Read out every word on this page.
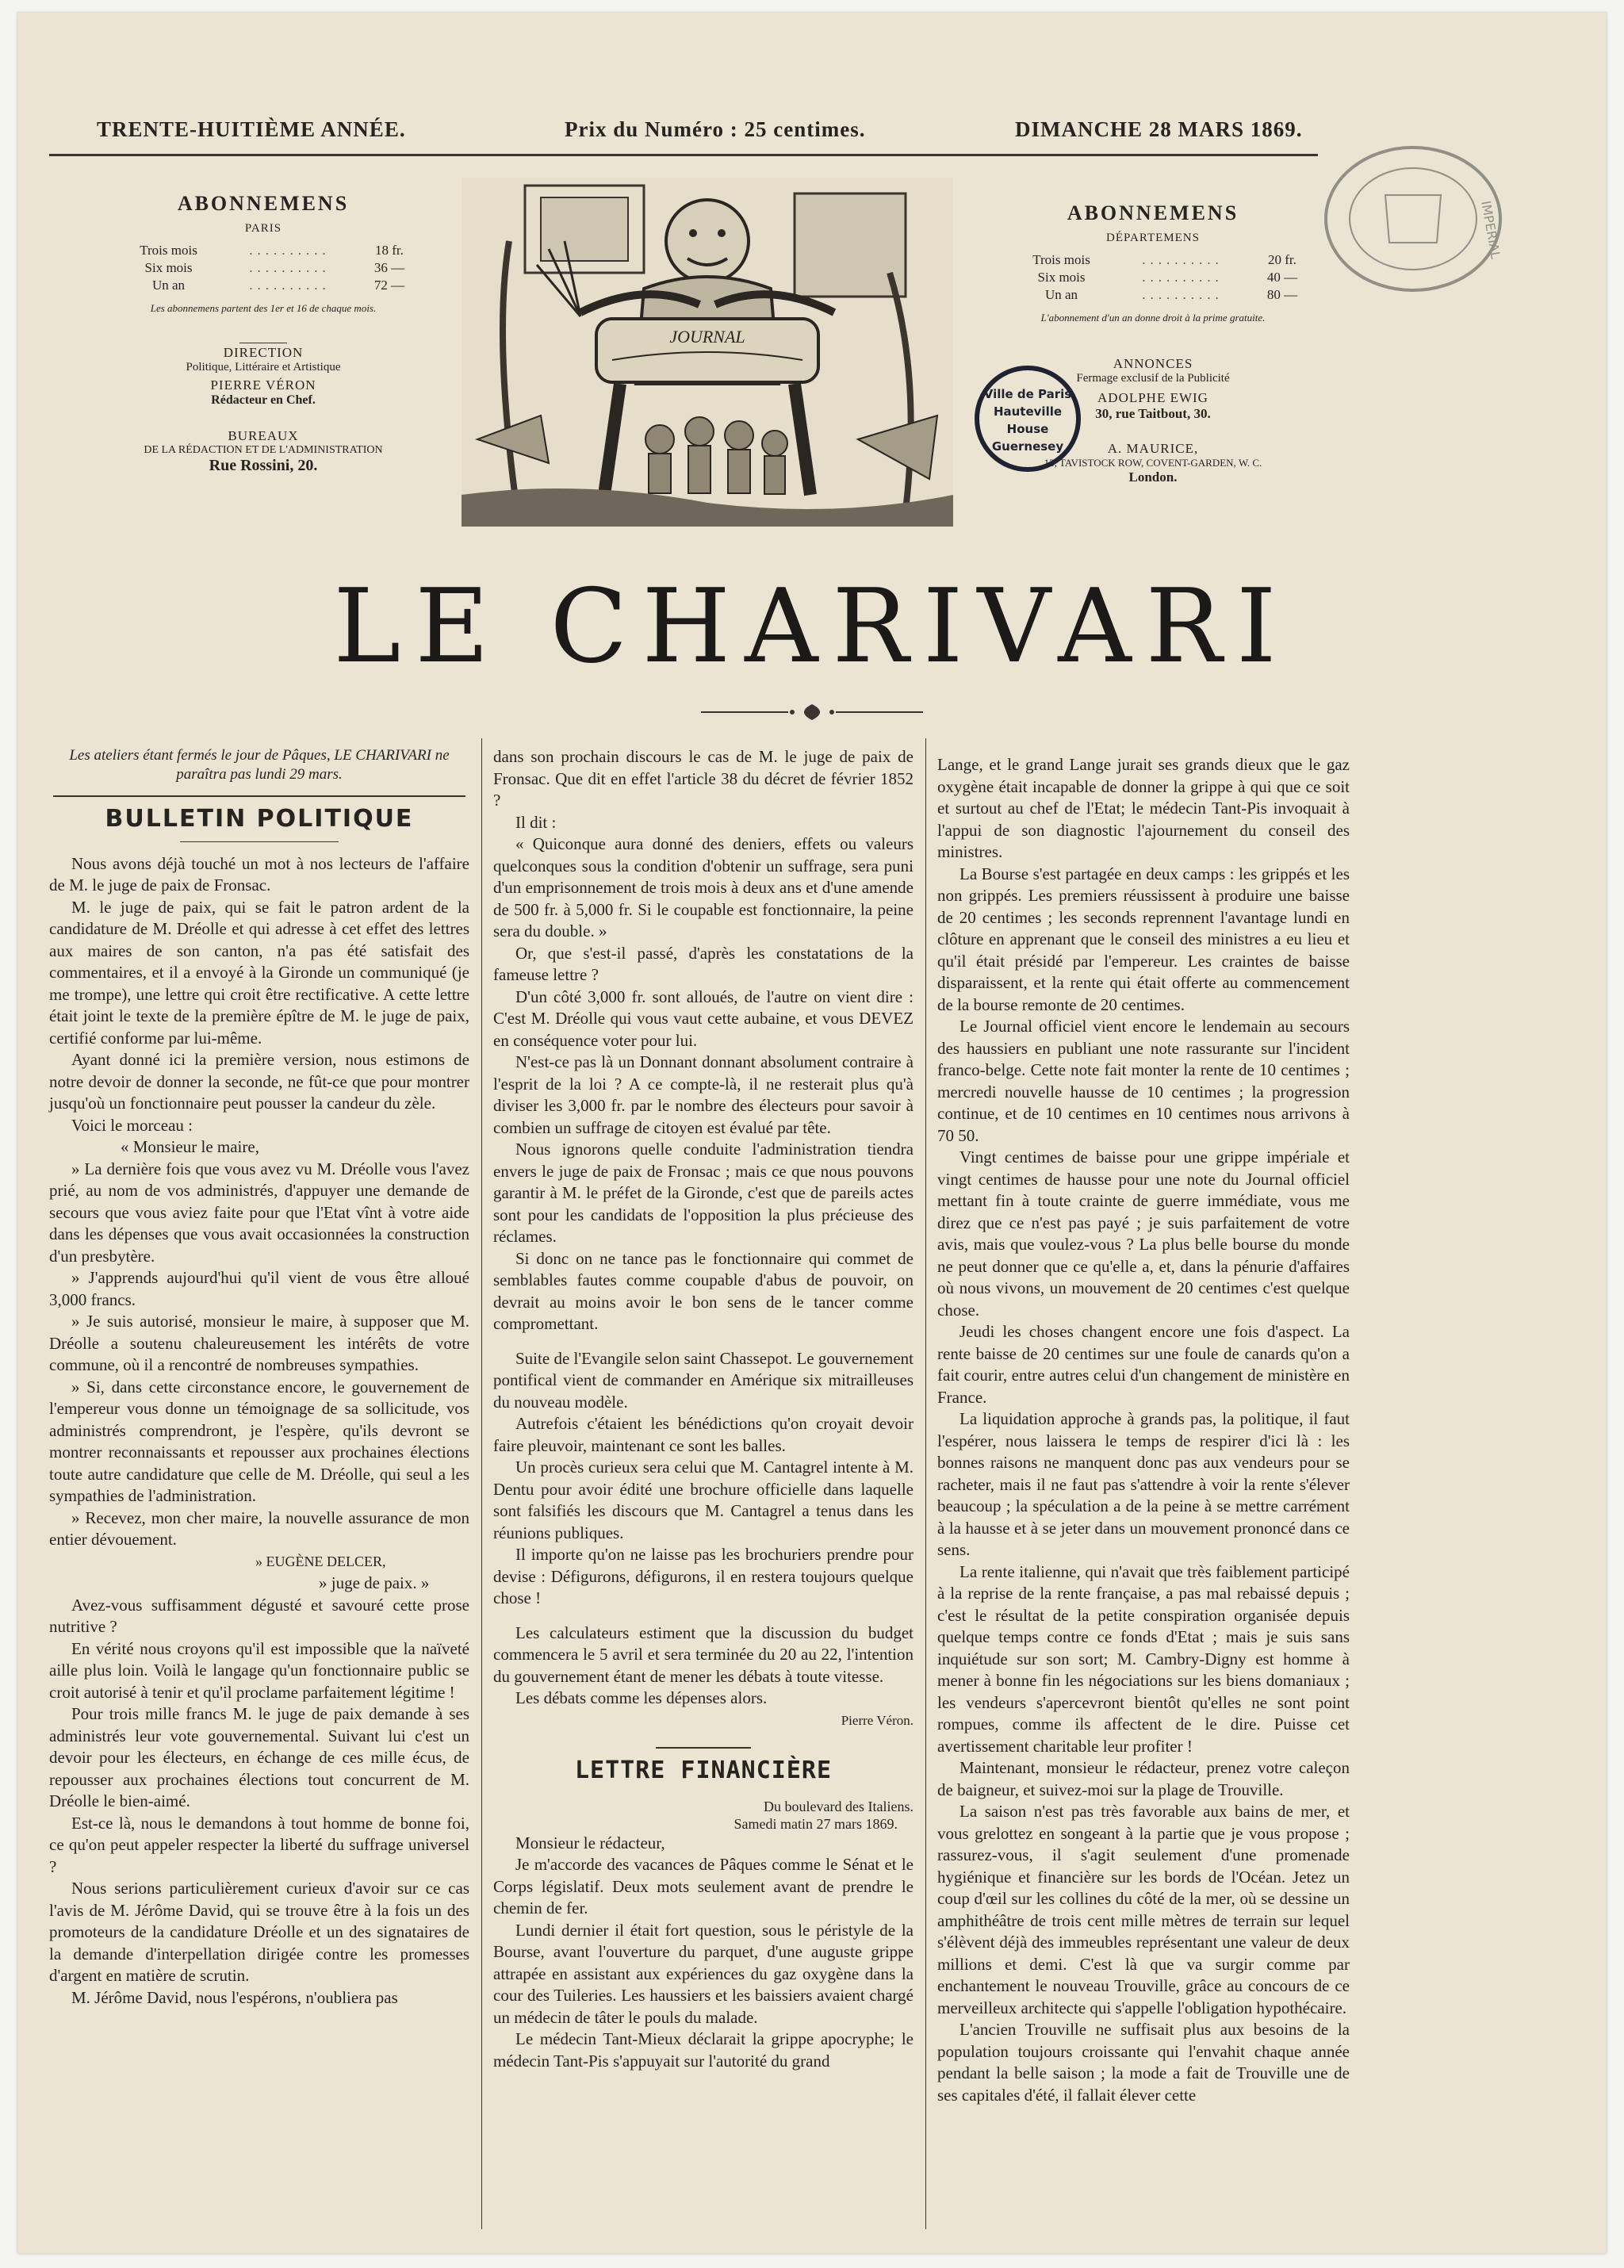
TRENTE-HUITIÈME ANNÉE.	Prix du Numéro : 25 centimes.	DIMANCHE 28 MARS 1869.
ABONNEMENS
PARIS
Trois mois	..........	18 fr.
Six mois	..........	36 —
Un an	..........	72 —
Les abonnemens partent des 1er et 16 de chaque mois.
DIRECTION
Politique, Littéraire et Artistique
PIERRE VÉRON
Rédacteur en Chef.
BUREAUX
DE LA RÉDACTION ET DE L'ADMINISTRATION
Rue Rossini, 20.
ABONNEMENS
DÉPARTEMENS
Trois mois	..........	20 fr.
Six mois	..........	40 —
Un an	..........	80 —
L'abonnement d'un an donne droit à la prime gratuite.
ANNONCES
Fermage exclusif de la Publicité
ADOLPHE EWIG
30, rue Taitbout, 30.
A. MAURICE,
13, TAVISTOCK ROW, COVENT-GARDEN, W. C.
London.
JOURNAL
Ville de Paris
Hauteville
House
Guernesey
IMPERIAL
LE CHARIVARI

Les ateliers étant fermés le jour de Pâques, LE CHARIVARI ne paraîtra pas lundi 29 mars.

BULLETIN POLITIQUE

Nous avons déjà touché un mot à nos lecteurs de l'affaire de M. le juge de paix de Fronsac.

M. le juge de paix, qui se fait le patron ardent de la candidature de M. Dréolle et qui adresse à cet effet des lettres aux maires de son canton, n'a pas été satisfait des commentaires, et il a envoyé à la Gironde un communiqué (je me trompe), une lettre qui croit être rectificative. A cette lettre était joint le texte de la première épître de M. le juge de paix, certifié conforme par lui-même.

Ayant donné ici la première version, nous estimons de notre devoir de donner la seconde, ne fût-ce que pour montrer jusqu'où un fonctionnaire peut pousser la candeur du zèle.

Voici le morceau :

« Monsieur le maire,

» La dernière fois que vous avez vu M. Dréolle vous l'avez prié, au nom de vos administrés, d'appuyer une demande de secours que vous aviez faite pour que l'Etat vînt à votre aide dans les dépenses que vous avait occasionnées la construction d'un presbytère.

» J'apprends aujourd'hui qu'il vient de vous être alloué 3,000 francs.

» Je suis autorisé, monsieur le maire, à supposer que M. Dréolle a soutenu chaleureusement les intérêts de votre commune, où il a rencontré de nombreuses sympathies.

» Si, dans cette circonstance encore, le gouvernement de l'empereur vous donne un témoignage de sa sollicitude, vos administrés comprendront, je l'espère, qu'ils devront se montrer reconnaissants et repousser aux prochaines élections toute autre candidature que celle de M. Dréolle, qui seul a les sympathies de l'administration.

» Recevez, mon cher maire, la nouvelle assurance de mon entier dévouement.

» EUGÈNE DELCER,

» juge de paix. »

Avez-vous suffisamment dégusté et savouré cette prose nutritive ?

En vérité nous croyons qu'il est impossible que la naïveté aille plus loin. Voilà le langage qu'un fonctionnaire public se croit autorisé à tenir et qu'il proclame parfaitement légitime !

Pour trois mille francs M. le juge de paix demande à ses administrés leur vote gouvernemental. Suivant lui c'est un devoir pour les électeurs, en échange de ces mille écus, de repousser aux prochaines élections tout concurrent de M. Dréolle le bien-aimé.

Est-ce là, nous le demandons à tout homme de bonne foi, ce qu'on peut appeler respecter la liberté du suffrage universel ?

Nous serions particulièrement curieux d'avoir sur ce cas l'avis de M. Jérôme David, qui se trouve être à la fois un des promoteurs de la candidature Dréolle et un des signataires de la demande d'interpellation dirigée contre les promesses d'argent en matière de scrutin.

M. Jérôme David, nous l'espérons, n'oubliera pas

dans son prochain discours le cas de M. le juge de paix de Fronsac. Que dit en effet l'article 38 du décret de février 1852 ?

Il dit :

« Quiconque aura donné des deniers, effets ou valeurs quelconques sous la condition d'obtenir un suffrage, sera puni d'un emprisonnement de trois mois à deux ans et d'une amende de 500 fr. à 5,000 fr. Si le coupable est fonctionnaire, la peine sera du double. »

Or, que s'est-il passé, d'après les constatations de la fameuse lettre ?

D'un côté 3,000 fr. sont alloués, de l'autre on vient dire : C'est M. Dréolle qui vous vaut cette aubaine, et vous DEVEZ en conséquence voter pour lui.

N'est-ce pas là un Donnant donnant absolument contraire à l'esprit de la loi ? A ce compte-là, il ne resterait plus qu'à diviser les 3,000 fr. par le nombre des électeurs pour savoir à combien un suffrage de citoyen est évalué par tête.

Nous ignorons quelle conduite l'administration tiendra envers le juge de paix de Fronsac ; mais ce que nous pouvons garantir à M. le préfet de la Gironde, c'est que de pareils actes sont pour les candidats de l'opposition la plus précieuse des réclames.

Si donc on ne tance pas le fonctionnaire qui commet de semblables fautes comme coupable d'abus de pouvoir, on devrait au moins avoir le bon sens de le tancer comme compromettant.

Suite de l'Evangile selon saint Chassepot. Le gouvernement pontifical vient de commander en Amérique six mitrailleuses du nouveau modèle.

Autrefois c'étaient les bénédictions qu'on croyait devoir faire pleuvoir, maintenant ce sont les balles.

Un procès curieux sera celui que M. Cantagrel intente à M. Dentu pour avoir édité une brochure officielle dans laquelle sont falsifiés les discours que M. Cantagrel a tenus dans les réunions publiques.

Il importe qu'on ne laisse pas les brochuriers prendre pour devise : Défigurons, défigurons, il en restera toujours quelque chose !

Les calculateurs estiment que la discussion du budget commencera le 5 avril et sera terminée du 20 au 22, l'intention du gouvernement étant de mener les débats à toute vitesse.

Les débats comme les dépenses alors.

Pierre Véron.

LETTRE FINANCIÈRE

Du boulevard des Italiens.

Samedi matin 27 mars 1869.

Monsieur le rédacteur,

Je m'accorde des vacances de Pâques comme le Sénat et le Corps législatif. Deux mots seulement avant de prendre le chemin de fer.

Lundi dernier il était fort question, sous le péristyle de la Bourse, avant l'ouverture du parquet, d'une auguste grippe attrapée en assistant aux expériences du gaz oxygène dans la cour des Tuileries. Les haussiers et les baissiers avaient chargé un médecin de tâter le pouls du malade.

Le médecin Tant-Mieux déclarait la grippe apocryphe; le médecin Tant-Pis s'appuyait sur l'autorité du grand

Lange, et le grand Lange jurait ses grands dieux que le gaz oxygène était incapable de donner la grippe à qui que ce soit et surtout au chef de l'Etat; le médecin Tant-Pis invoquait à l'appui de son diagnostic l'ajournement du conseil des ministres.

La Bourse s'est partagée en deux camps : les grippés et les non grippés. Les premiers réussissent à produire une baisse de 20 centimes ; les seconds reprennent l'avantage lundi en clôture en apprenant que le conseil des ministres a eu lieu et qu'il était présidé par l'empereur. Les craintes de baisse disparaissent, et la rente qui était offerte au commencement de la bourse remonte de 20 centimes.

Le Journal officiel vient encore le lendemain au secours des haussiers en publiant une note rassurante sur l'incident franco-belge. Cette note fait monter la rente de 10 centimes ; mercredi nouvelle hausse de 10 centimes ; la progression continue, et de 10 centimes en 10 centimes nous arrivons à 70 50.

Vingt centimes de baisse pour une grippe impériale et vingt centimes de hausse pour une note du Journal officiel mettant fin à toute crainte de guerre immédiate, vous me direz que ce n'est pas payé ; je suis parfaitement de votre avis, mais que voulez-vous ? La plus belle bourse du monde ne peut donner que ce qu'elle a, et, dans la pénurie d'affaires où nous vivons, un mouvement de 20 centimes c'est quelque chose.

Jeudi les choses changent encore une fois d'aspect. La rente baisse de 20 centimes sur une foule de canards qu'on a fait courir, entre autres celui d'un changement de ministère en France.

La liquidation approche à grands pas, la politique, il faut l'espérer, nous laissera le temps de respirer d'ici là : les bonnes raisons ne manquent donc pas aux vendeurs pour se racheter, mais il ne faut pas s'attendre à voir la rente s'élever beaucoup ; la spéculation a de la peine à se mettre carrément à la hausse et à se jeter dans un mouvement prononcé dans ce sens.

La rente italienne, qui n'avait que très faiblement participé à la reprise de la rente française, a pas mal rebaissé depuis ; c'est le résultat de la petite conspiration organisée depuis quelque temps contre ce fonds d'Etat ; mais je suis sans inquiétude sur son sort; M. Cambry-Digny est homme à mener à bonne fin les négociations sur les biens domaniaux ; les vendeurs s'apercevront bientôt qu'elles ne sont point rompues, comme ils affectent de le dire. Puisse cet avertissement charitable leur profiter !

Maintenant, monsieur le rédacteur, prenez votre caleçon de baigneur, et suivez-moi sur la plage de Trouville.

La saison n'est pas très favorable aux bains de mer, et vous grelottez en songeant à la partie que je vous propose ; rassurez-vous, il s'agit seulement d'une promenade hygiénique et financière sur les bords de l'Océan. Jetez un coup d'œil sur les collines du côté de la mer, où se dessine un amphithéâtre de trois cent mille mètres de terrain sur lequel s'élèvent déjà des immeubles représentant une valeur de deux millions et demi. C'est là que va surgir comme par enchantement le nouveau Trouville, grâce au concours de ce merveilleux architecte qui s'appelle l'obligation hypothécaire.

L'ancien Trouville ne suffisait plus aux besoins de la population toujours croissante qui l'envahit chaque année pendant la belle saison ; la mode a fait de Trouville une de ses capitales d'été, il fallait élever cette
